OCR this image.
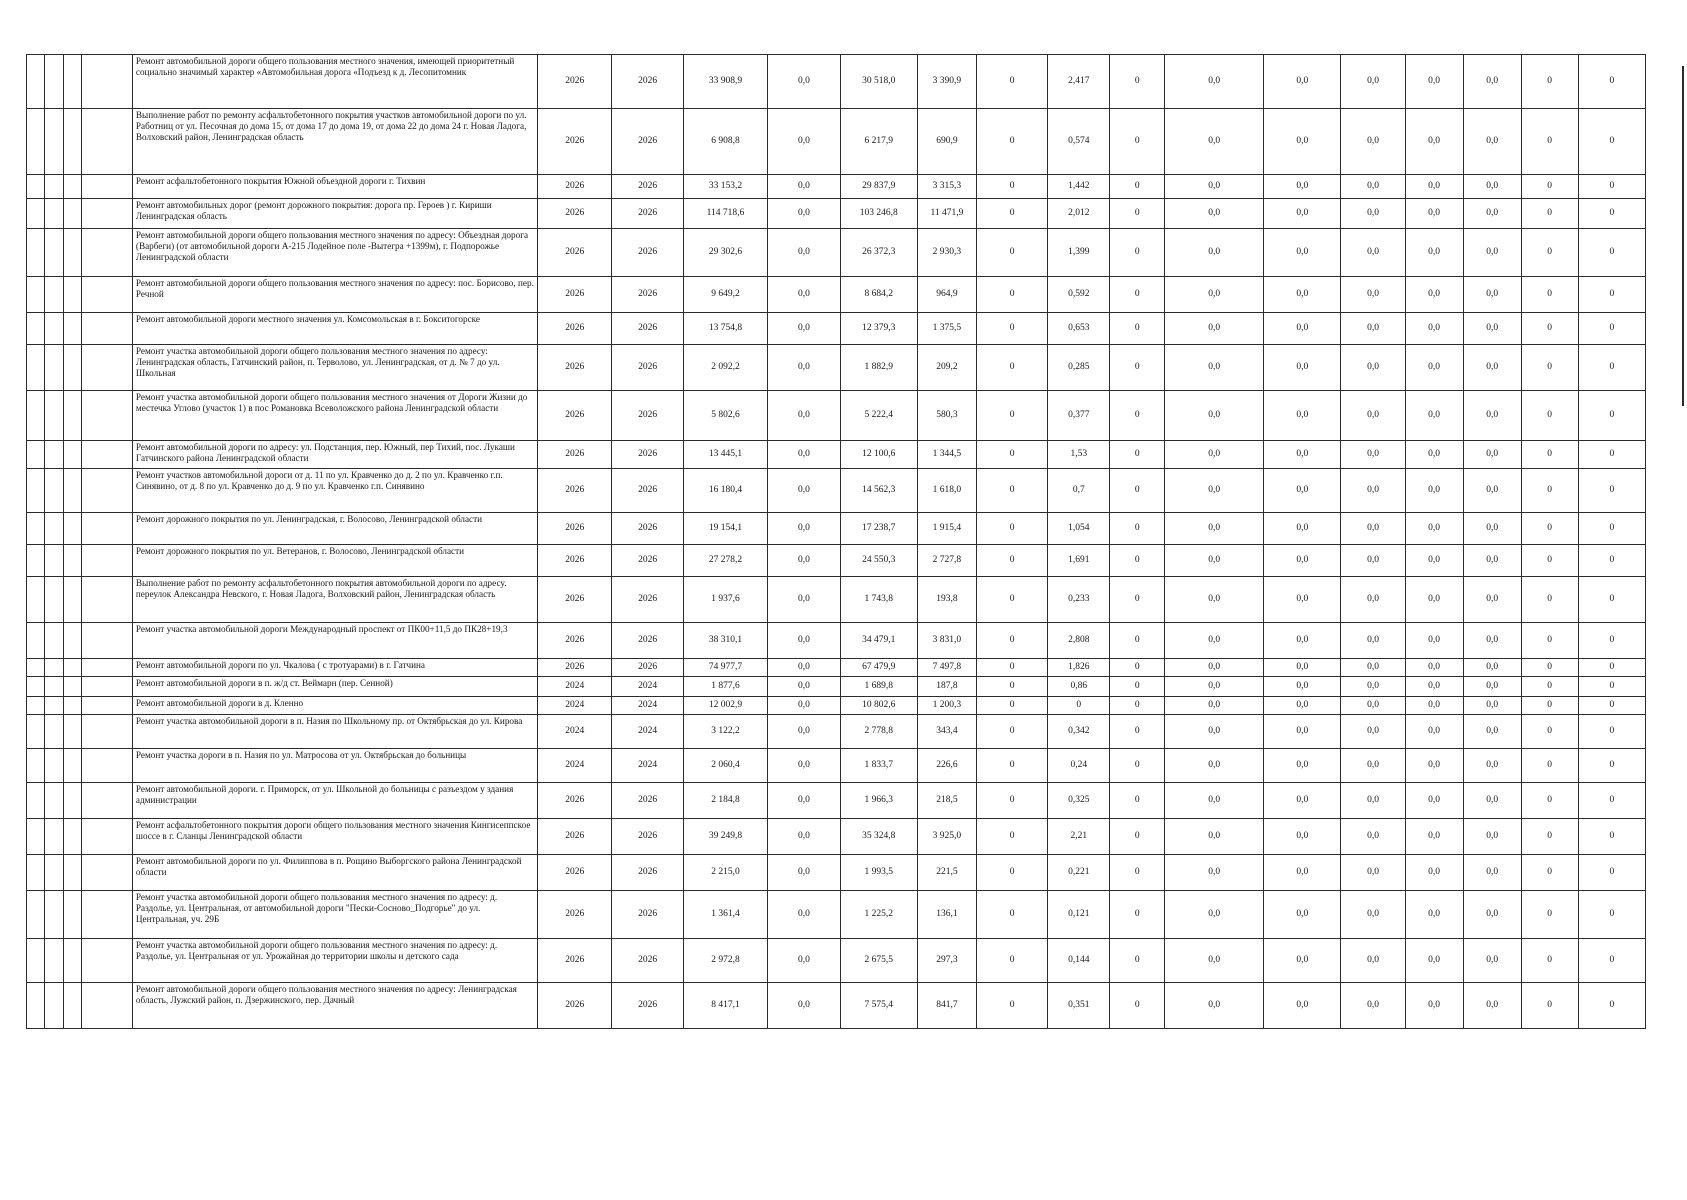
				Ремонт автомобильной дороги общего пользования местного значения, имеющей приоритетный социально значимый характер «Автомобильная дорога «Подъезд к д. Лесопитомник	2026	2026	33 908,9	0,0	30 518,0	3 390,9	0	2,417	0	0,0	0,0	0,0	0,0	0,0	0	0
				Выполнение работ по ремонту асфальтобетонного покрытия участков автомобильной дороги по ул. Работниц от ул. Песочная до дома 15, от дома 17 до дома 19, от дома 22 до дома 24 г. Новая Ладога, Волховский район, Ленинградская область	2026	2026	6 908,8	0,0	6 217,9	690,9	0	0,574	0	0,0	0,0	0,0	0,0	0,0	0	0
				Ремонт асфальтобетонного покрытия Южной объездной дороги г. Тихвин	2026	2026	33 153,2	0,0	29 837,9	3 315,3	0	1,442	0	0,0	0,0	0,0	0,0	0,0	0	0
				Ремонт автомобильных дорог (ремонт дорожного покрытия: дорога пр. Героев ) г. Кириши Ленинградская область	2026	2026	114 718,6	0,0	103 246,8	11 471,9	0	2,012	0	0,0	0,0	0,0	0,0	0,0	0	0
				Ремонт автомобильной дороги общего пользования местного значения по адресу: Объездная дорога (Варбеги) (от автомобильной дороги А-215 Лодейное поле -Вытегра +1399м), г. Подпорожье Ленинградской области	2026	2026	29 302,6	0,0	26 372,3	2 930,3	0	1,399	0	0,0	0,0	0,0	0,0	0,0	0	0
				Ремонт автомобильной дороги общего пользования местного значения по адресу: пос. Борисово, пер. Речной	2026	2026	9 649,2	0,0	8 684,2	964,9	0	0,592	0	0,0	0,0	0,0	0,0	0,0	0	0
				Ремонт автомобильной дороги местного значения ул. Комсомольская в г. Бокситогорске	2026	2026	13 754,8	0,0	12 379,3	1 375,5	0	0,653	0	0,0	0,0	0,0	0,0	0,0	0	0
				Ремонт участка автомобильной дороги общего пользования местного значения по адресу: Ленинградская область, Гатчинский район, п. Терволово, ул. Ленинградская, от д. № 7 до ул. Школьная	2026	2026	2 092,2	0,0	1 882,9	209,2	0	0,285	0	0,0	0,0	0,0	0,0	0,0	0	0
				Ремонт участка автомобильной дороги общего пользования местного значения от Дороги Жизни до местечка Углово (участок 1) в пос Романовка Всеволожского района Ленинградской области	2026	2026	5 802,6	0,0	5 222,4	580,3	0	0,377	0	0,0	0,0	0,0	0,0	0,0	0	0
				Ремонт автомобильной дороги по адресу: ул. Подстанция, пер. Южный, пер Тихий, пос. Лукаши Гатчинского района Ленинградской области	2026	2026	13 445,1	0,0	12 100,6	1 344,5	0	1,53	0	0,0	0,0	0,0	0,0	0,0	0	0
				Ремонт участков автомобильной дороги от д. 11 по ул. Кравченко до д. 2 по ул. Кравченко г.п. Синявино, от д. 8 по ул. Кравченко до д. 9 по ул. Кравченко г.п. Синявино	2026	2026	16 180,4	0,0	14 562,3	1 618,0	0	0,7	0	0,0	0,0	0,0	0,0	0,0	0	0
				Ремонт дорожного покрытия по ул. Ленинградская, г. Волосово, Ленинградской области	2026	2026	19 154,1	0,0	17 238,7	1 915,4	0	1,054	0	0,0	0,0	0,0	0,0	0,0	0	0
				Ремонт дорожного покрытия по ул. Ветеранов, г. Волосово, Ленинградской области	2026	2026	27 278,2	0,0	24 550,3	2 727,8	0	1,691	0	0,0	0,0	0,0	0,0	0,0	0	0
				Выполнение работ по ремонту асфальтобетонного покрытия автомобильной дороги по адресу. переулок Александра Невского, г. Новая Ладога, Волховский район, Ленинградская область	2026	2026	1 937,6	0,0	1 743,8	193,8	0	0,233	0	0,0	0,0	0,0	0,0	0,0	0	0
				Ремонт участка автомобильной дороги Международный проспект от ПК00+11,5 до ПК28+19,3	2026	2026	38 310,1	0,0	34 479,1	3 831,0	0	2,808	0	0,0	0,0	0,0	0,0	0,0	0	0
				Ремонт автомобильной дороги по ул. Чкалова ( с тротуарами) в г. Гатчина	2026	2026	74 977,7	0,0	67 479,9	7 497,8	0	1,826	0	0,0	0,0	0,0	0,0	0,0	0	0
				Ремонт автомобильной дороги в п. ж/д ст. Веймарн (пер. Сенной)	2024	2024	1 877,6	0,0	1 689,8	187,8	0	0,86	0	0,0	0,0	0,0	0,0	0,0	0	0
				Ремонт автомобильной дороги в д. Кленно	2024	2024	12 002,9	0,0	10 802,6	1 200,3	0	0	0	0,0	0,0	0,0	0,0	0,0	0	0
				Ремонт участка автомобильной дороги в п. Назия по Школьному пр. от Октябрьская до ул. Кирова	2024	2024	3 122,2	0,0	2 778,8	343,4	0	0,342	0	0,0	0,0	0,0	0,0	0,0	0	0
				Ремонт участка дороги в п. Назия по ул. Матросова от ул. Октябрьская до больницы	2024	2024	2 060,4	0,0	1 833,7	226,6	0	0,24	0	0,0	0,0	0,0	0,0	0,0	0	0
				Ремонт автомобильной дороги. г. Приморск, от ул. Школьной до больницы с разъездом у здания администрации	2026	2026	2 184,8	0,0	1 966,3	218,5	0	0,325	0	0,0	0,0	0,0	0,0	0,0	0	0
				Ремонт асфальтобетонного покрытия дороги общего пользования местного значения Кингисеппское шоссе в г. Сланцы Ленинградской области	2026	2026	39 249,8	0,0	35 324,8	3 925,0	0	2,21	0	0,0	0,0	0,0	0,0	0,0	0	0
				Ремонт автомобильной дороги по ул. Филиппова в п. Рощино Выборгского района Ленинградской области	2026	2026	2 215,0	0,0	1 993,5	221,5	0	0,221	0	0,0	0,0	0,0	0,0	0,0	0	0
				Ремонт участка автомобильной дороги общего пользования местного значения по адресу: д. Раздолье, ул. Центральная, от автомобильной дороги "Пески-Сосново_Подгорье" до ул. Центральная, уч. 29Б	2026	2026	1 361,4	0,0	1 225,2	136,1	0	0,121	0	0,0	0,0	0,0	0,0	0,0	0	0
				Ремонт участка автомобильной дороги общего пользования местного значения по адресу: д. Раздолье, ул. Центральная от ул. Урожайная до территории школы и детского сада	2026	2026	2 972,8	0,0	2 675,5	297,3	0	0,144	0	0,0	0,0	0,0	0,0	0,0	0	0
				Ремонт автомобильной дороги общего пользования местного значения по адресу: Ленинградская область, Лужский район, п. Дзержинского, пер. Дачный	2026	2026	8 417,1	0,0	7 575,4	841,7	0	0,351	0	0,0	0,0	0,0	0,0	0,0	0	0
